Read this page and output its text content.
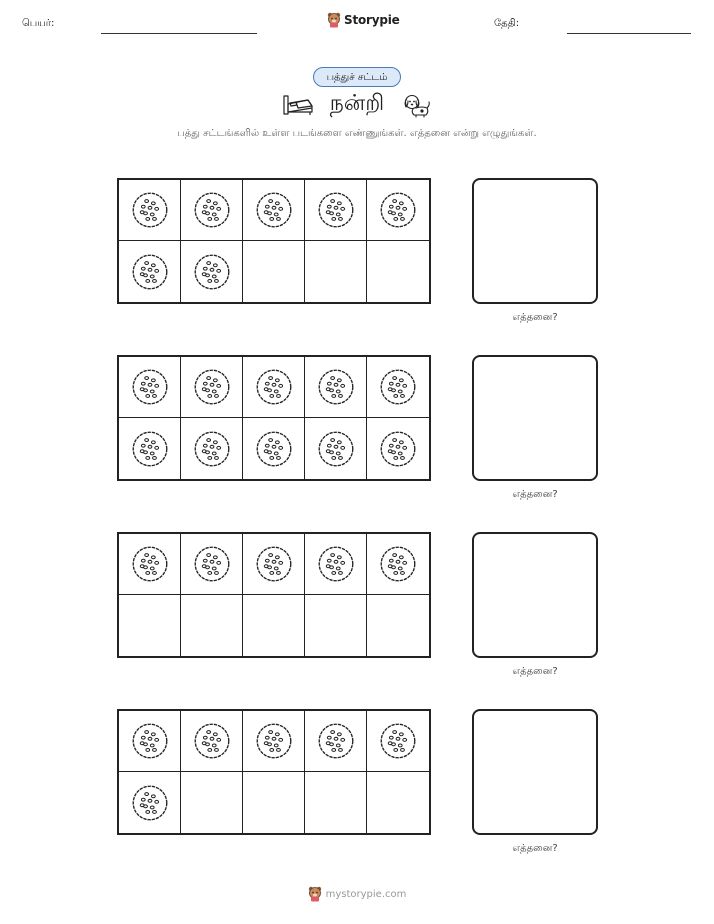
பெயர்:	Storypie	தேதி:
பத்துச் சட்டம்
நன்றி
பத்து சட்டங்களில் உள்ள படங்களை எண்ணுங்கள். எத்தனை என்று எழுதுங்கள்.
எத்தனை?
எத்தனை?
எத்தனை?
எத்தனை?
mystorypie.com
